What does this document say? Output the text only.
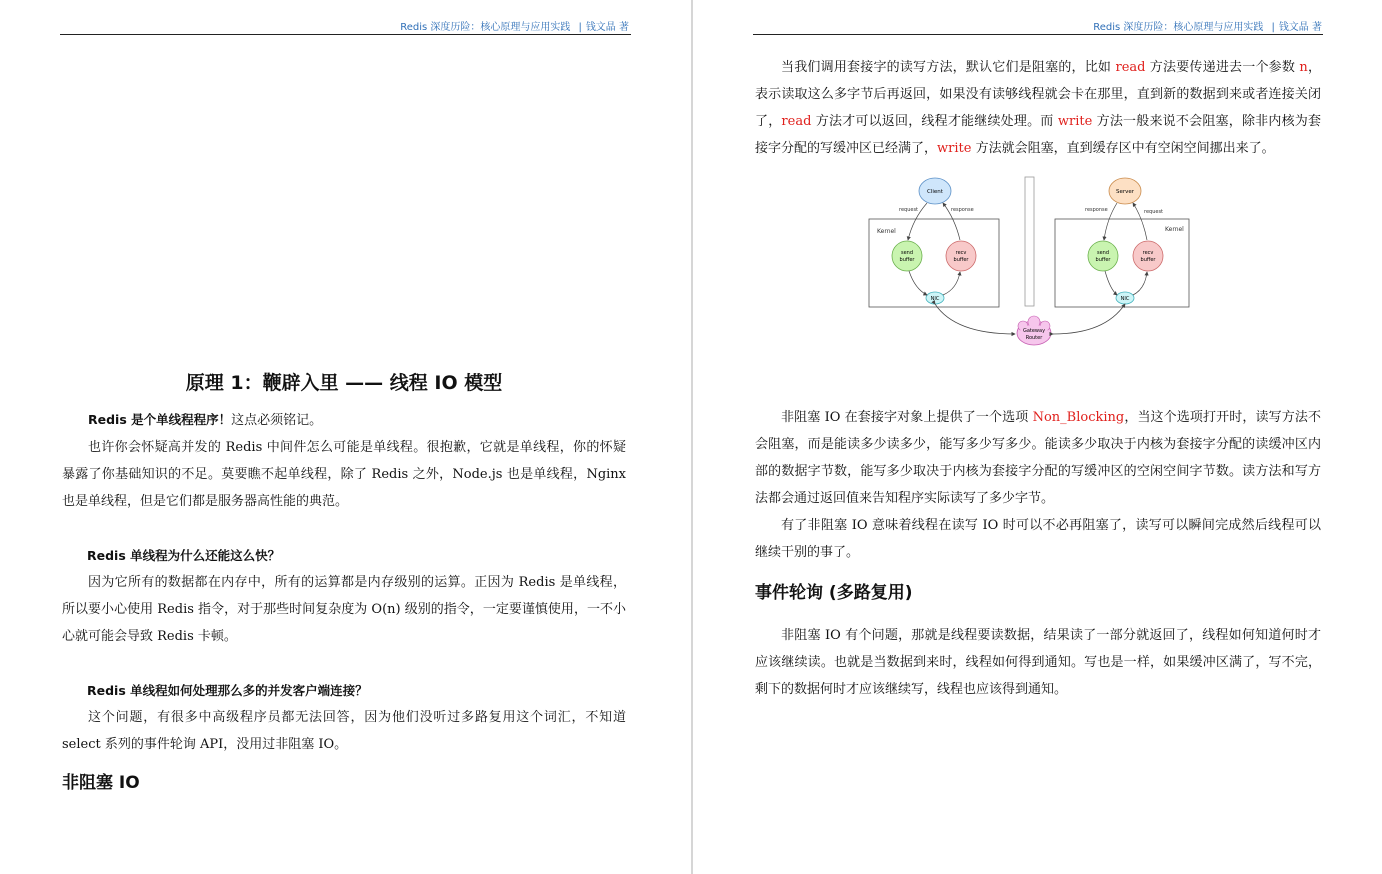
Redis 深度历险：核心原理与应用实践 | 钱文晶 著
原理 1：鞭辟入里 —— 线程 IO 模型

Redis 是个单线程程序！这点必须铭记。

也许你会怀疑高并发的 Redis 中间件怎么可能是单线程。很抱歉，它就是单线程，你的怀疑暴露了你基础知识的不足。莫要瞧不起单线程，除了 Redis 之外，Node.js 也是单线程，Nginx 也是单线程，但是它们都是服务器高性能的典范。

Redis 单线程为什么还能这么快？

因为它所有的数据都在内存中，所有的运算都是内存级别的运算。正因为 Redis 是单线程，所以要小心使用 Redis 指令，对于那些时间复杂度为 O(n) 级别的指令，一定要谨慎使用，一不小心就可能会导致 Redis 卡顿。

Redis 单线程如何处理那么多的并发客户端连接？

这个问题，有很多中高级程序员都无法回答，因为他们没听过多路复用这个词汇，不知道 select 系列的事件轮询 API，没用过非阻塞 IO。

非阻塞 IO
Redis 深度历险：核心原理与应用实践 | 钱文晶 著

当我们调用套接字的读写方法，默认它们是阻塞的，比如 read 方法要传递进去一个参数 n，表示读取这么多字节后再返回，如果没有读够线程就会卡在那里，直到新的数据到来或者连接关闭了，read 方法才可以返回，线程才能继续处理。而 write 方法一般来说不会阻塞，除非内核为套接字分配的写缓冲区已经满了，write 方法就会阻塞，直到缓存区中有空闲空间挪出来了。

Kernel	Kernel
Client	Server
send
buffer
recv
buffer
send
buffer
recv
buffer
NIC	NIC
Gateway
Router
request	response	response	request

非阻塞 IO 在套接字对象上提供了一个选项 Non_Blocking，当这个选项打开时，读写方法不会阻塞，而是能读多少读多少，能写多少写多少。能读多少取决于内核为套接字分配的读缓冲区内部的数据字节数，能写多少取决于内核为套接字分配的写缓冲区的空闲空间字节数。读方法和写方法都会通过返回值来告知程序实际读写了多少字节。

有了非阻塞 IO 意味着线程在读写 IO 时可以不必再阻塞了，读写可以瞬间完成然后线程可以继续干别的事了。

事件轮询 (多路复用)

非阻塞 IO 有个问题，那就是线程要读数据，结果读了一部分就返回了，线程如何知道何时才应该继续读。也就是当数据到来时，线程如何得到通知。写也是一样，如果缓冲区满了，写不完，剩下的数据何时才应该继续写，线程也应该得到通知。
